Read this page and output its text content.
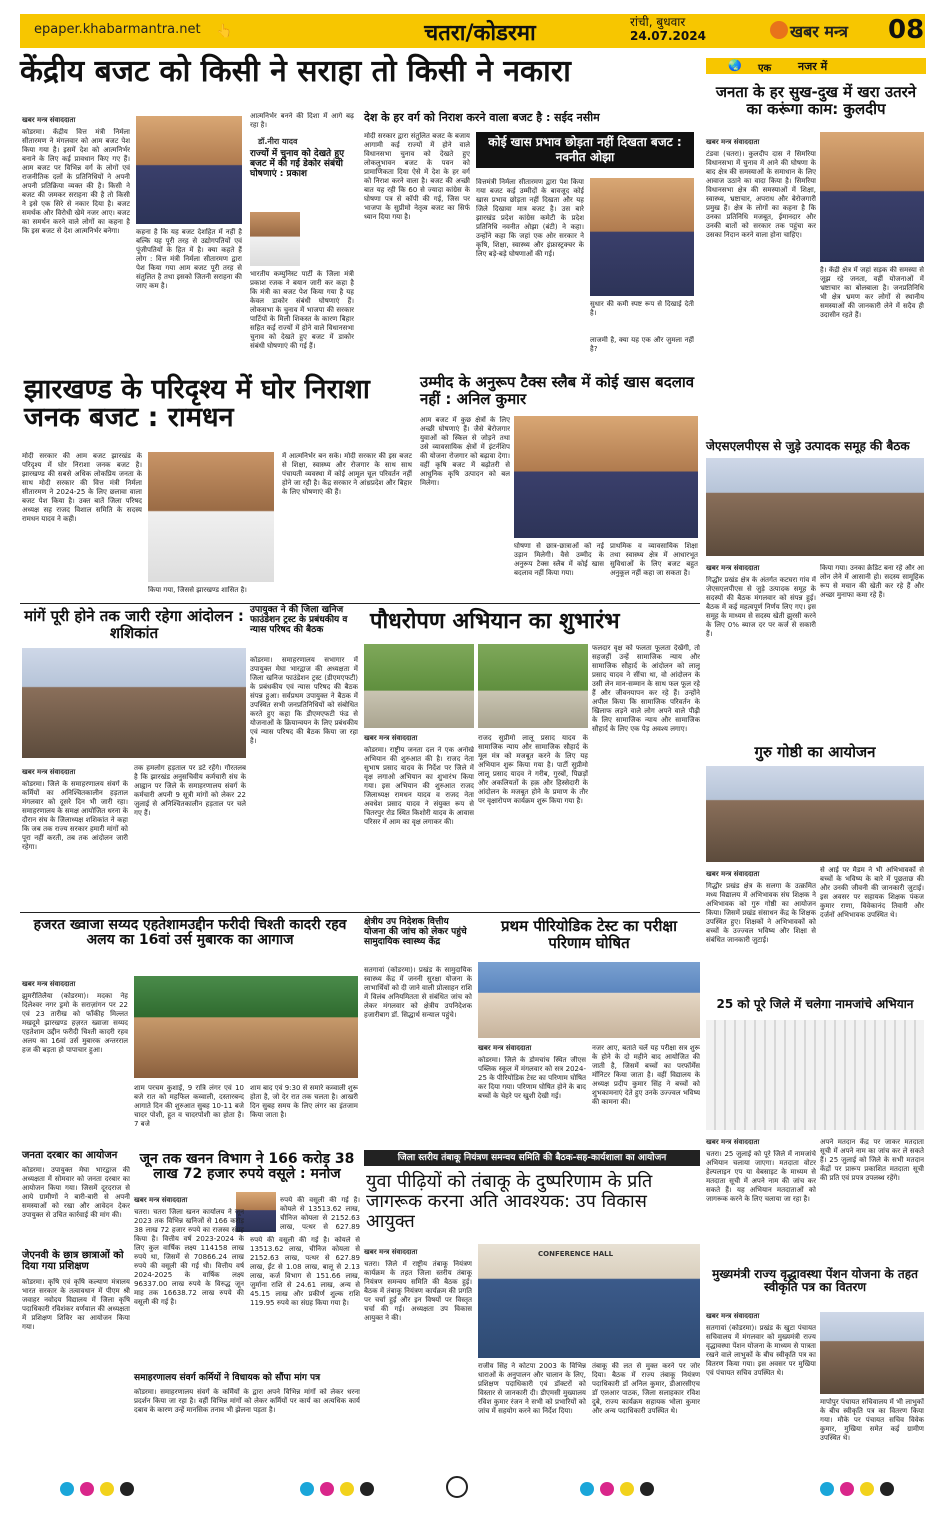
epaper.khabarmantra.net 👆	चतरा/कोडरमा	रांची, बुधवार
24.07.2024	खबर मन्त्र 08
केंद्रीय बजट को किसी ने सराहा तो किसी ने नकारा	🌏 एक नजर में
जनता के हर सुख-दुख में खरा उतरने का करूंगा काम: कुलदीप
खबर मन्त्र संवाददाता
कोडरमा। केंद्रीय वित्त मंत्री निर्मला सीतारमण ने मंगलवार को आम बजट पेश किया गया है। इसमें देश को आत्मनिर्भर बनाने के लिए कई प्रावधान किए गए हैं। आम बजट पर विभिन्न वर्ग के लोगों एवं राजनीतिक दलों के प्रतिनिधियों ने अपनी अपनी प्रतिक्रिया व्यक्त की है। किसी ने बजट की जमकर सराहना की है तो किसी ने इसे एक सिरे से नकार दिया है। बजट समर्थक और विरोधी खेमे नजर आए। बजट का समर्थन करने वाले लोगों का कहना है कि इस बजट से देश आत्मनिर्भर बनेगा।	कहना है कि यह बजट देशहित में नहीं है बल्कि यह पूरी तरह से उद्योगपतियों एवं पूंजीपतियों के हित में है। क्या कहते हैं लोग : वित्त मंत्री निर्मला सीतारमण द्वारा पेश किया गया आम बजट पूरी तरह से संतुलित है तथा इसको जितनी सराहना की जाए कम है।
आत्मनिर्भर बनने की दिशा में आगे बढ़ रहा है।
डॉ.नीरा यादव
राज्यों में चुनाव को देखते हुए बजट में की गई डेकोर संबंधी घोषणाएं : प्रकाश
भारतीय कम्युनिस्ट पार्टी के जिला मंत्री प्रकाश रजक ने बयान जारी कर कहा है कि मंत्री का बजट पेश किया गया है यह केवल डाकोर संबंधी घोषणाएं हैं। लोकसभा के चुनाव में भाजपा की सरकार पार्टियों के मिली शिकस्त के कारण बिहार सहित कई राज्यों में होने वाले विधानसभा चुनाव को देखते हुए बजट में डाकोर संबंधी घोषणाएं की गई हैं।
देश के हर वर्ग को निराश करने वाला बजट है : सईद नसीम
मोदी सरकार द्वारा संतुलित बजट के बजाय आगामी कई राज्यों में होने वाले विधानसभा चुनाव को देखते हुए लोकलुभावन बजट के पवन को प्रामाणिकता दिया ऐसे में देश के हर वर्ग को निराश करने वाला है। बजट की अच्छी बात यह रही कि 60 से ज्यादा कांग्रेस के घोषणा पत्र से कॉपी की गई, जिस पर भाजपा के सुप्रीमो नेतृत्व बजट का सिर्फ ध्यान दिया गया है।
कोई खास प्रभाव छोड़ता नहीं दिखता बजट : नवनीत ओझा
वित्तमंत्री निर्मला सीतारमण द्वारा पेश किया गया बजट कई उम्मीदों के बावजूद कोई खास प्रभाव छोड़ता नहीं दिखता और यह जिले दिखावा मात्र बजट है। उस बारे झारखंड प्रदेश कांग्रेस कमेटी के प्रदेश प्रतिनिधि नवनीत ओझा (बंटी) ने कहा। उन्होंने कहा कि जहां एक ओर सरकार ने कृषि, शिक्षा, स्वास्थ्य और इंफ्रास्ट्रक्चर के लिए बड़े-बड़े घोषणाओं की गई।
सुधार की कमी स्पष्ट रूप से दिखाई देती है।
लाजमी है, क्या यह एक और जुमला नहीं है?
खबर मन्त्र संवाददाता
टंडवा (चतरा)। कुलदीप दास ने सिमरिया विधानसभा में चुनाव में आने की घोषणा के बाद क्षेत्र की समस्याओं के समाधान के लिए आवाज उठाने का वादा किया है। सिमरिया विधानसभा क्षेत्र की समस्याओं में शिक्षा, स्वास्थ्य, भ्रष्टाचार, अपराध और बेरोजगारी प्रमुख हैं। क्षेत्र के लोगों का कहना है कि उनका प्रतिनिधि मजबूत, ईमानदार और उनकी बातों को सरकार तक पहुंचा कर उसका निदान करने वाला होना चाहिए।
है। केंद्री क्षेत्र में जहां सड़क की समस्या से जूझ रहे जनता, वहीं योजनाओं में भ्रष्टाचार का बोलबाला है। जनप्रतिनिधि भी क्षेत्र भ्रमण कर लोगों से स्थानीय समस्याओं की जानकारी लेने में सदैव ही उदासीन रहते हैं।
झारखण्ड के परिदृश्य में घोर निराशा जनक बजट : रामधन
मोदी सरकार की आम बजट झारखंड के परिदृश्य में घोर निराशा जनक बजट है। झारखण्ड की सबसे अधिक लोकप्रिय जनता के साथ मोदी सरकार की वित्त मंत्री निर्मला सीतारमण ने 2024-25 के लिए छलावा वाला बजट पेश किया है। उक्त बातें जिला परिषद अध्यक्ष सह राजद विशाल समिति के सदस्य रामधन यादव ने कही।
किया गया, जिससे झारखण्ड शासित है।
में आत्मनिर्भर बन सके। मोदी सरकार की इस बजट से शिक्षा, स्वास्थ्य और रोजगार के साथ साथ पंचायती व्यवस्था में कोई आमूल चूल परिवर्तन नहीं होने जा रही है। केंद्र सरकार ने आंध्रप्रदेश और बिहार के लिए घोषणाएं की हैं।
उम्मीद के अनुरूप टैक्स स्लैब में कोई खास बदलाव नहीं : अनिल कुमार
आम बजट में कुछ क्षेत्रों के लिए अच्छी घोषणाएं हैं। जैसे बेरोजगार युवाओं को स्किल से जोड़ने तथा उसे व्यावसायिक क्षेत्रों में इंटर्नशिप की योजना रोजगार को बढ़ावा देगा। वहीं कृषि बजट में बढ़ोतरी से आधुनिक कृषि उत्पादन को बल मिलेगा।
घोषणा से छात्र-छात्राओं को नई उड़ान मिलेगी। वैसे उम्मीद के अनुरूप टैक्स स्लैब में कोई खास बदलाव नहीं किया गया।
प्राथमिक व व्यावसायिक शिक्षा तथा स्वास्थ्य क्षेत्र में आधारभूत सुविधाओं के लिए बजट बहुत अनुकूल नहीं कहा जा सकता है।
जेएसएलपीएस से जुड़े उत्पादक समूह की बैठक
खबर मन्त्र संवाददाता
गिद्धौर प्रखंड क्षेत्र के अंतर्गत कटघरा गांव में जेएसएलपीएस से जुड़े उत्पादक समूह के सदस्यों की बैठक मंगलवार को संपन्न हुई। बैठक में कई महत्वपूर्ण निर्णय लिए गए। इस समूह के माध्यम से सदस्य खेती झुरसी करने के लिए 0% ब्याज दर पर कर्ज से सकारी हैं।
किया गया। उनका क्रेडिट बना रहे और आ लोन लेने में आसानी हो। सदस्य सामूहिक रूप से मचान की खेती कर रहे हैं और अच्छा मुनाफा कमा रहे हैं।
मांगें पूरी होने तक जारी रहेगा आंदोलन : शशिकांत
खबर मन्त्र संवाददाता
कोडरमा। जिले के समाहरणालय संवर्ग के कर्मियों का अनिश्चितकालीन हड़ताल मंगलवार को दूसरे दिन भी जारी रहा। समाहरणालय के समक्ष आयोजित धरना के दौरान संघ के जिलाध्यक्ष शशिकांत ने कहा कि जब तक राज्य सरकार हमारी मांगों को पूरा नहीं करती, तब तक आंदोलन जारी रहेगा।
तक हमलोग हड़ताल पर डटे रहेंगे। गौरतलब है कि झारखंड अनुसचिवीय कर्मचारी संघ के आह्वान पर जिले के समाहरणालय संवर्ग के कर्मचारी अपनी 9 सूत्री मांगों को लेकर 22 जुलाई से अनिश्चितकालीन हड़ताल पर चले गए हैं।
उपायुक्त ने की जिला खनिज फाउंडेशन ट्रस्ट के प्रबंधकीय व न्यास परिषद की बैठक
कोडरमा। समाहरणालय सभागार में उपायुक्त मेघा भारद्वाज की अध्यक्षता में जिला खनिज फाउंडेशन ट्रस्ट (डीएमएफटी) के प्रबंधकीय एवं न्यास परिषद की बैठक संपन्न हुआ। सर्वप्रथम उपायुक्त ने बैठक में उपस्थित सभी जनप्रतिनिधियों को संबोधित करते हुए कहा कि डीएमएफटी फंड से योजनाओं के क्रियान्वयन के लिए प्रबंधकीय एवं न्यास परिषद की बैठक किया जा रहा है।
पौधरोपण अभियान का शुभारंभ
खबर मन्त्र संवाददाता
कोडरमा। राष्ट्रीय जनता दल ने एक अनोखे अभियान की शुरुआत की है। राजद नेता सुभाष प्रसाद यादव के निर्देश पर जिले में वृक्ष लगाओ अभियान का शुभारंभ किया गया। इस अभियान की शुरुआत राजद जिलाध्यक्ष रामधन यादव व राजद नेता अवधेश प्रसाद यादव ने संयुक्त रूप से चितरपुर रोड स्थित किशोरी यादव के आवास परिसर में आम का वृक्ष लगाकर की।
राजद सुप्रीमो लालू प्रसाद यादव के सामाजिक न्याय और सामाजिक सौहार्द के मूल मंत्र को मजबूत करने के लिए यह अभियान शुरू किया गया है। पार्टी सुप्रीमो लालू प्रसाद यादव ने गरीब, गुरबों, पिछड़ों और अकलियतों के हक़ और हिस्सेदारी के आंदोलन के मजबूत होने के प्रमाण के तौर पर वृक्षारोपण कार्यक्रम शुरू किया गया है।
फलदार वृक्ष को फलता फूलता देखेंगी, तो सहजहीं उन्हें सामाजिक न्याय और सामाजिक सौहार्द के आंदोलन को लालू प्रसाद यादव ने सींचा था, वो आंदोलन के उसी लेन मान-सम्मान के साथ फल फूल रहे हैं और जीवनयापन कर रहे हैं। उन्होंने अपील किया कि सामाजिक परिवर्तन के खिलाफ लड़ने वाले लोग अपने वाले पीढ़ी के लिए सामाजिक न्याय और सामाजिक सौहार्द के लिए एक पेड़ अवश्य लगाए।
गुरु गोष्ठी का आयोजन
खबर मन्त्र संवाददाता
गिद्धौर प्रखंड क्षेत्र के सलगा के उत्क्रमित मध्य विद्यालय में अभिभावक संघ शिक्षक ने अभिभावक को गुरु गोष्ठी का आयोजन किया। जिसमें प्रखंड संसाधन केंद्र के शिक्षक उपस्थित हुए। शिक्षकों ने अभिभावकों को बच्चों के उज्ज्वल भविष्य और शिक्षा से संबंधित जानकारी जुटाई।
से आई पर मैडम ने भी अभिभावकों से बच्चों के भविष्य के बारे में पूछताछ की और उनकी जीवनी की जानकारी जुटाई। इस अवसर पर सहायक शिक्षक पंकज कुमार राणा, विवेकानंद तिवारी और दर्जनों अभिभावक उपस्थित थे।
हजरत ख्वाजा सय्यद एहतेशामउद्दीन फरीदी चिश्ती कादरी रहव अलय का 16वां उर्स मुबारक का आगाज
खबर मन्त्र संवाददाता
झुमरीतिलैया (कोडरमा)। मदका नेह दिलेश्वर नगर ड्रमो के सराज़ांगन पर 22 एवं 23 तारीख को फाँकीह मिल्लत मखदूमे झारखण्ड हज़रत ख्वाजा सय्यद एहतेशाम उद्दीन फरीदी चिश्ती कादरी रहव अलय का 16वां उर्स मुबारक अन्तरराल हज की बड़ता हो पापाचार हुआ।
शाम परचम कुशाई, 9 रात्रि लंगर एवं 10 बजे रात को महफिल कव्वाली, दस्तारबन्द आगाते दिन की शुरुआत सुबह 10-11 बजे चादर पोशी, हूत व चादरपोशी का होता है। 7 बजे
शाम बाद एवं 9:30 से समारे कव्वाली शुरू होता है, जो देर रात तक चलता है। आखरी दिन सुबह समय के लिए लंगर का इंतजाम किया जाता है।
क्षेत्रीय उप निदेशक वित्तीय योजना की जांच को लेकर पहुंचे सामुदायिक स्वास्थ्य केंद्र
सतगावां (कोडरमा)। प्रखंड के सामुदायिक स्वास्थ्य केंद्र में जननी सुरक्षा योजना के लाभार्थियों को दी जाने वाली प्रोत्साहन राशि में विलंब अनियमितता से संबंधित जांच को लेकर मंगलवार को क्षेत्रीय उपनिदेशक हजारीबाग डॉ. सिद्धार्थ सन्याल पहुंचे।
प्रथम पीरियोडिक टेस्ट का परीक्षा परिणाम घोषित
खबर मन्त्र संवाददाता
कोडरमा। जिले के डोमचांच स्थित जीएस पब्लिक स्कूल में मंगलवार को सत्र 2024-25 के पीरियोडिक टेस्ट का परिणाम घोषित कर दिया गया। परिणाम घोषित होने के बाद बच्चों के चेहरे पर खुशी देखी गई।
नजर आए, बताते चलें यह परीक्षा सत्र शुरू के होने के दो महीने बाद आयोजित की जाती है, जिसमें बच्चों का परफॉर्मेंस मॉनिटर किया जाता है। वहीं विद्यालय के अध्यक्ष प्रदीप कुमार सिंह ने बच्चों को शुभकामनाएं देते हुए उनके उज्ज्वल भविष्य की कामना की।
25 को पूरे जिले में चलेगा नामजांचे अभियान
खबर मन्त्र संवाददाता
चतरा। 25 जुलाई को पूरे जिले में नामजांचे अभियान चलाया जाएगा। मतदाता वोटर हेल्पलाइन एप या वेबसाइट के माध्यम से मतदाता सूची में अपने नाम की जांच कर सकते हैं। यह अभियान मतदाताओं को जागरूक करने के लिए चलाया जा रहा है।
अपने मतदान केंद्र पर जाकर मतदाता सूची में अपने नाम का जांच कर ले सकते हैं। 25 जुलाई को जिले के सभी मतदान केंद्रों पर प्रारूप प्रकाशित मतदाता सूची की प्रति एवं प्रपत्र उपलब्ध रहेंगे।
जनता दरबार का आयोजन
कोडरमा। उपायुक्त मेघा भारद्वाज की अध्यक्षता में सोमवार को जनता दरबार का आयोजन किया गया। जिसमें दूरदराज से आये ग्रामीणों ने बारी-बारी से अपनी समस्याओं को रखा और आवेदन देकर उपायुक्त से उचित कार्रवाई की मांग की।
जेएनवी के छात्र छात्राओं को दिया गया प्रशिक्षण
कोडरमा। कृषि एवं कृषि कल्याण मंत्रालय भारत सरकार के तत्वावधान में पीएम श्री जवाहर नवोदय विद्यालय में जिला कृषि पदाधिकारी रविशंकर वर्णवाल की अध्यक्षता में प्रशिक्षण शिविर का आयोजन किया गया।
जून तक खनन विभाग ने 166 करोड़ 38 लाख 72 हजार रुपये वसूले : मनोज
खबर मन्त्र संवाददाता
चतरा। चतरा जिला खनन कार्यालय ने जून 2023 तक विभिन्न खनिजों से 166 करोड़ 38 लाख 72 हजार रुपये का राजस्व संग्रह किया है। वित्तीय वर्ष 2023-2024 के लिए कुल वार्षिक लक्ष्य 114158 लाख रुपये था, जिसमें से 70866.24 लाख रुपये की वसूली की गई थी। वित्तीय वर्ष 2024-2025 के वार्षिक लक्ष्य 96337.00 लाख रुपये के विरुद्ध जून माह तक 16638.72 लाख रुपये की वसूली की गई है।
रुपये की वसूली की गई है। कोयले से 13513.62 लाख, चीनिज कोयला से 2152.63 लाख, पत्थर से 627.89
रुपये की वसूली की गई है। कोयले से 13513.62 लाख, चीनिज कोयला से 2152.63 लाख, पत्थर से 627.89 लाख, ईंट से 1.08 लाख, बालू से 2.13 लाख, कर्ज विभाग से 151.66 लाख, जुर्माना राशि से 24.61 लाख, अन्य से 45.15 लाख और प्रकीर्ण शुल्क राशि 119.95 रुपये का संग्रह किया गया है।
समाहरणालय संवर्ग कर्मियों ने विधायक को सौंपा मांग पत्र
कोडरमा। समाहरणालय संवर्ग के कर्मियों के द्वारा अपने विभिन्न मांगों को लेकर धरना प्रदर्शन किया जा रहा है। वहीं विभिन्न मांगों को लेकर कर्मियों पर कार्य का अत्यधिक कार्य दबाव के कारण उन्हें मानसिक तनाव भी झेलना पड़ता है।
जिला स्तरीय तंबाकू नियंत्रण समन्वय समिति की बैठक-सह-कार्यशाला का आयोजन
युवा पीढ़ियों को तंबाकू के दुष्परिणाम के प्रति जागरूक करना अति आवश्यक: उप विकास आयुक्त
खबर मन्त्र संवाददाता
चतरा। जिले में राष्ट्रीय तंबाकू नियंत्रण कार्यक्रम के तहत जिला स्तरीय तंबाकू नियंत्रण समन्वय समिति की बैठक हुई। बैठक में तंबाकू नियंत्रण कार्यक्रम की प्रगति पर चर्चा हुई और इन विषयों पर विस्तृत चर्चा की गई। अध्यक्षता उप विकास आयुक्त ने की।
CONFERENCE HALL
राजीव सिंह ने कोटपा 2003 के विभिन्न धाराओं के अनुपालन और चालान के लिए, प्रशिक्षण पदाधिकारी एवं डॉक्टरों को विस्तार से जानकारी दी। डीएमसी मुख्यालय रविश कुमार रंजन ने सभी को प्रभारियों को जांच में सहयोग करने का निर्देश दिया।
तंबाकू की लत से मुक्त करने पर जोर दिया। बैठक में राज्य तंबाकू नियंत्रण पदाधिकारी डॉ अनिल कुमार, डीआरसीएच डॉ एलआर पाठक, जिला सलाहकार रविश दुबे, राज्य कार्यक्रम सहायक भोला कुमार और अन्य पदाधिकारी उपस्थित थे।
मुख्यमंत्री राज्य वृद्धावस्था पेंशन योजना के तहत स्वीकृति पत्र का वितरण
खबर मन्त्र संवाददाता
सतगावां (कोडरमा)। प्रखंड के खुटा पंचायत सचिवालय में मंगलवार को मुख्यमंत्री राज्य वृद्धावस्था पेंशन योजना के माध्यम से पात्रता रखने वाले लाभुकों के बीच स्वीकृति पत्र का वितरण किया गया। इस अवसर पर मुखिया एवं पंचायत सचिव उपस्थित थे।
मापोपुर पंचायत सचिवालय में भी लाभुकों के बीच स्वीकृति पत्र का वितरण किया गया। मौके पर पंचायत सचिव विवेक कुमार, मुखिया समेत कई ग्रामीण उपस्थित थे।
